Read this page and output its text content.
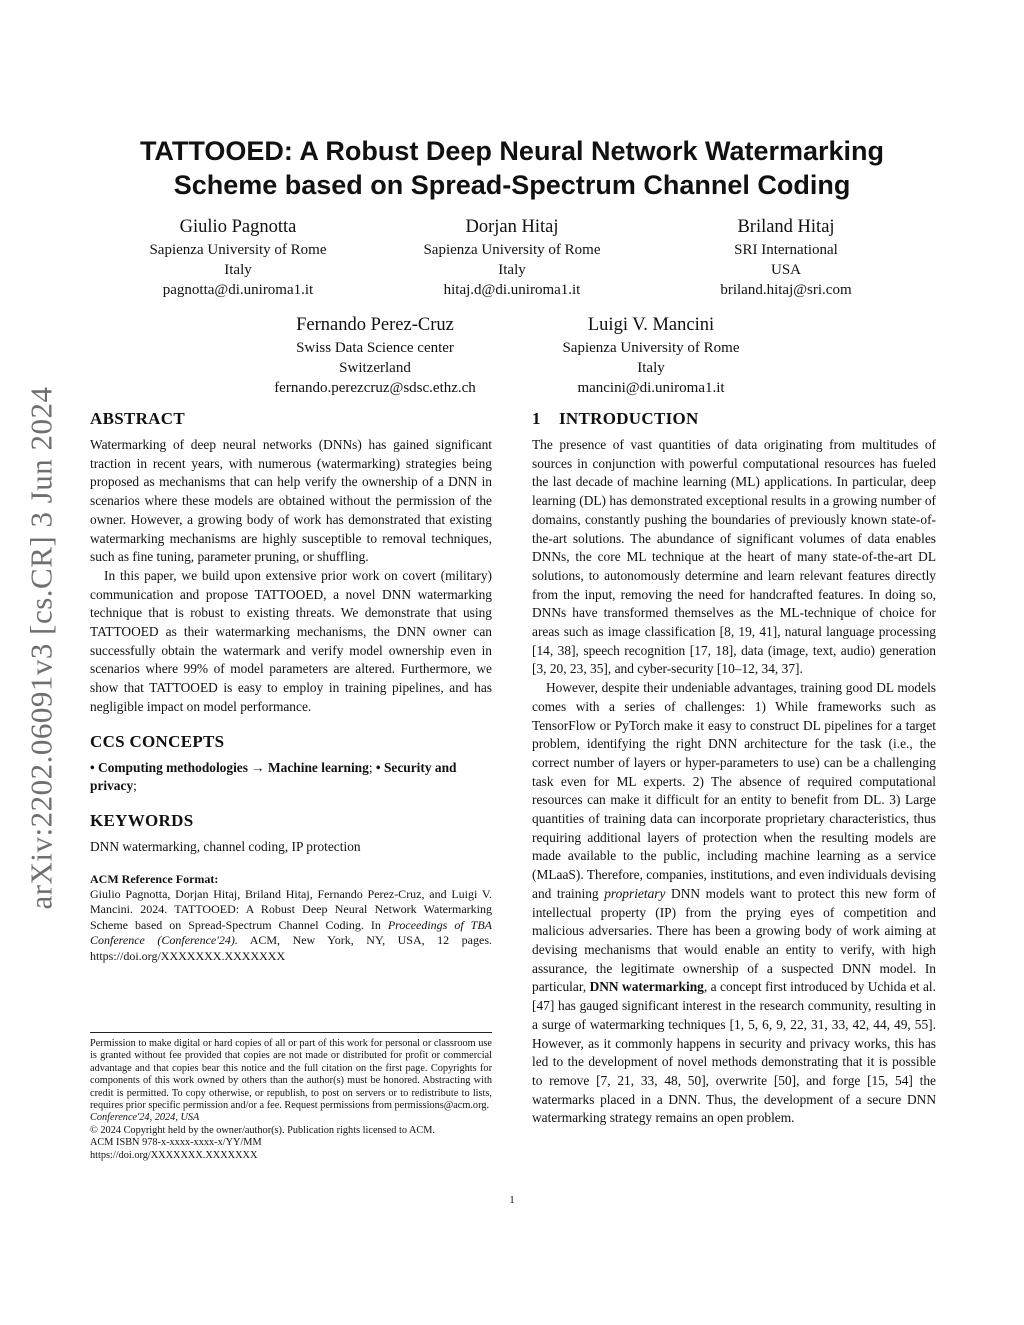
arXiv:2202.06091v3 [cs.CR] 3 Jun 2024
TATTOOED: A Robust Deep Neural Network Watermarking
Scheme based on Spread-Spectrum Channel Coding
Giulio Pagnotta
Sapienza University of Rome
Italy
pagnotta@di.uniroma1.it
Dorjan Hitaj
Sapienza University of Rome
Italy
hitaj.d@di.uniroma1.it
Briland Hitaj
SRI International
USA
briland.hitaj@sri.com
Fernando Perez-Cruz
Swiss Data Science center
Switzerland
fernando.perezcruz@sdsc.ethz.ch
Luigi V. Mancini
Sapienza University of Rome
Italy
mancini@di.uniroma1.it
ABSTRACT

Watermarking of deep neural networks (DNNs) has gained significant traction in recent years, with numerous (watermarking) strategies being proposed as mechanisms that can help verify the ownership of a DNN in scenarios where these models are obtained without the permission of the owner. However, a growing body of work has demonstrated that existing watermarking mechanisms are highly susceptible to removal techniques, such as fine tuning, parameter pruning, or shuffling.

In this paper, we build upon extensive prior work on covert (military) communication and propose TATTOOED, a novel DNN watermarking technique that is robust to existing threats. We demonstrate that using TATTOOED as their watermarking mechanisms, the DNN owner can successfully obtain the watermark and verify model ownership even in scenarios where 99% of model parameters are altered. Furthermore, we show that TATTOOED is easy to employ in training pipelines, and has negligible impact on model performance.

CCS CONCEPTS

• Computing methodologies → Machine learning; • Security and privacy;

KEYWORDS

DNN watermarking, channel coding, IP protection

ACM Reference Format:

Giulio Pagnotta, Dorjan Hitaj, Briland Hitaj, Fernando Perez-Cruz, and Luigi V. Mancini. 2024. TATTOOED: A Robust Deep Neural Network Watermarking Scheme based on Spread-Spectrum Channel Coding. In Proceedings of TBA Conference (Conference'24). ACM, New York, NY, USA, 12 pages. https://doi.org/XXXXXXX.XXXXXXX

Permission to make digital or hard copies of all or part of this work for personal or classroom use is granted without fee provided that copies are not made or distributed for profit or commercial advantage and that copies bear this notice and the full citation on the first page. Copyrights for components of this work owned by others than the author(s) must be honored. Abstracting with credit is permitted. To copy otherwise, or republish, to post on servers or to redistribute to lists, requires prior specific permission and/or a fee. Request permissions from permissions@acm.org.

Conference'24, 2024, USA
© 2024 Copyright held by the owner/author(s). Publication rights licensed to ACM.
ACM ISBN 978-x-xxxx-xxxx-x/YY/MM
https://doi.org/XXXXXXX.XXXXXXX
1    INTRODUCTION

The presence of vast quantities of data originating from multitudes of sources in conjunction with powerful computational resources has fueled the last decade of machine learning (ML) applications. In particular, deep learning (DL) has demonstrated exceptional results in a growing number of domains, constantly pushing the boundaries of previously known state-of-the-art solutions. The abundance of significant volumes of data enables DNNs, the core ML technique at the heart of many state-of-the-art DL solutions, to autonomously determine and learn relevant features directly from the input, removing the need for handcrafted features. In doing so, DNNs have transformed themselves as the ML-technique of choice for areas such as image classification [8, 19, 41], natural language processing [14, 38], speech recognition [17, 18], data (image, text, audio) generation [3, 20, 23, 35], and cyber-security [10–12, 34, 37].

However, despite their undeniable advantages, training good DL models comes with a series of challenges: 1) While frameworks such as TensorFlow or PyTorch make it easy to construct DL pipelines for a target problem, identifying the right DNN architecture for the task (i.e., the correct number of layers or hyper-parameters to use) can be a challenging task even for ML experts. 2) The absence of required computational resources can make it difficult for an entity to benefit from DL. 3) Large quantities of training data can incorporate proprietary characteristics, thus requiring additional layers of protection when the resulting models are made available to the public, including machine learning as a service (MLaaS). Therefore, companies, institutions, and even individuals devising and training proprietary DNN models want to protect this new form of intellectual property (IP) from the prying eyes of competition and malicious adversaries. There has been a growing body of work aiming at devising mechanisms that would enable an entity to verify, with high assurance, the legitimate ownership of a suspected DNN model. In particular, DNN watermarking, a concept first introduced by Uchida et al. [47] has gauged significant interest in the research community, resulting in a surge of watermarking techniques [1, 5, 6, 9, 22, 31, 33, 42, 44, 49, 55]. However, as it commonly happens in security and privacy works, this has led to the development of novel methods demonstrating that it is possible to remove [7, 21, 33, 48, 50], overwrite [50], and forge [15, 54] the watermarks placed in a DNN. Thus, the development of a secure DNN watermarking strategy remains an open problem.

1
